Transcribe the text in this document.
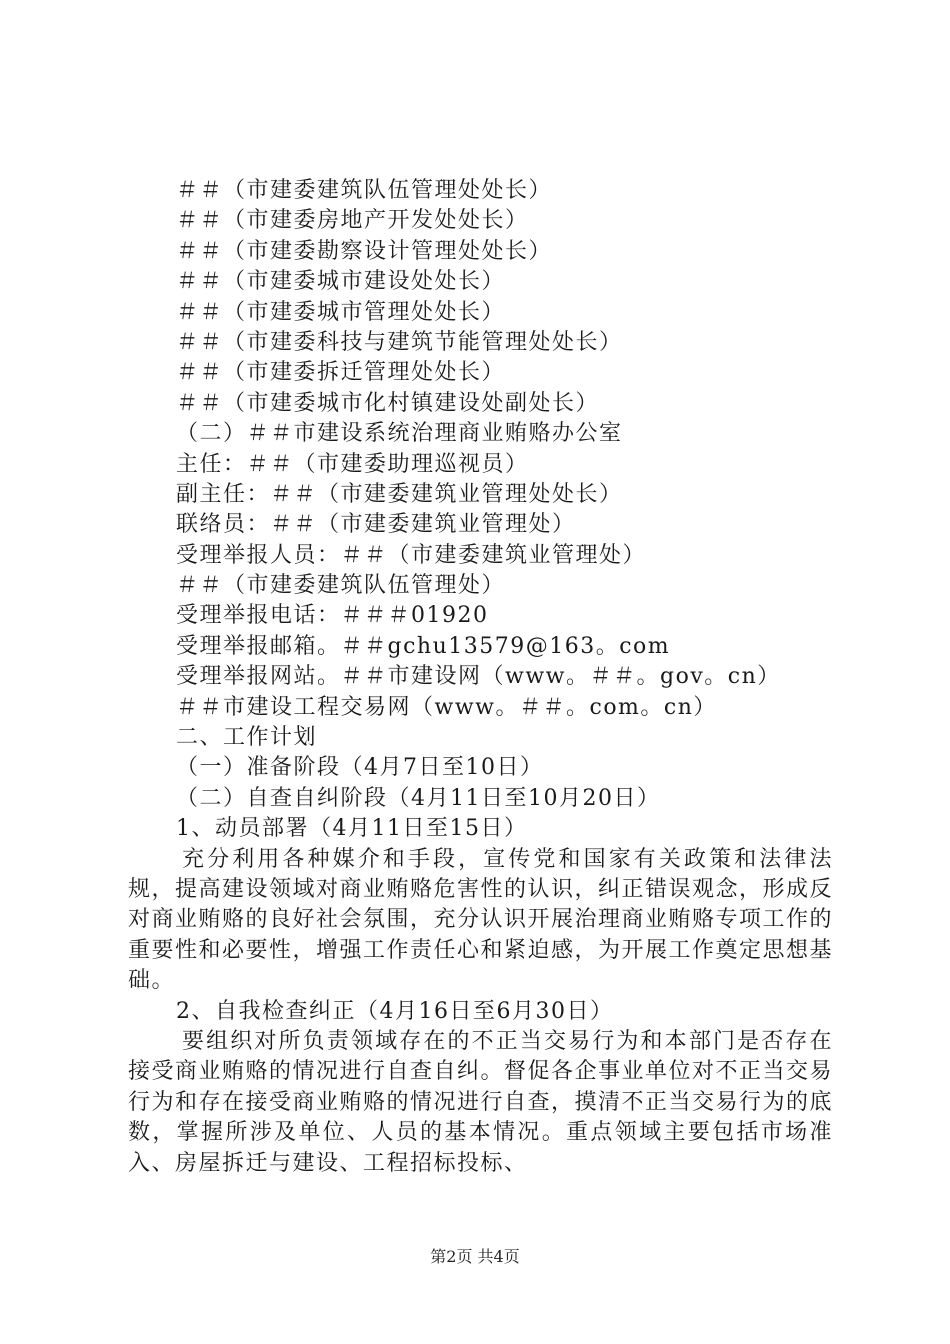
＃＃（市建委建筑队伍管理处处长）
＃＃（市建委房地产开发处处长）
＃＃（市建委勘察设计管理处处长）
＃＃（市建委城市建设处处长）
＃＃（市建委城市管理处处长）
＃＃（市建委科技与建筑节能管理处处长）
＃＃（市建委拆迁管理处处长）
＃＃（市建委城市化村镇建设处副处长）
（二）＃＃市建设系统治理商业贿赂办公室
主任：＃＃（市建委助理巡视员）
副主任：＃＃（市建委建筑业管理处处长）
联络员：＃＃（市建委建筑业管理处）
受理举报人员：＃＃（市建委建筑业管理处）
＃＃（市建委建筑队伍管理处）
受理举报电话：＃＃＃01920
受理举报邮箱。＃＃gchu13579@163。com
受理举报网站。＃＃市建设网（www。＃＃。gov。cn）
＃＃市建设工程交易网（www。＃＃。com。cn）
二、工作计划
（一）准备阶段（4月7日至10日）
（二）自查自纠阶段（4月11日至10月20日）
1、动员部署（4月11日至15日）

充分利用各种媒介和手段，宣传党和国家有关政策和法律法规，提高建设领域对商业贿赂危害性的认识，纠正错误观念，形成反对商业贿赂的良好社会氛围，充分认识开展治理商业贿赂专项工作的重要性和必要性，增强工作责任心和紧迫感，为开展工作奠定思想基础。

2、自我检查纠正（4月16日至6月30日）

要组织对所负责领域存在的不正当交易行为和本部门是否存在接受商业贿赂的情况进行自查自纠。督促各企事业单位对不正当交易行为和存在接受商业贿赂的情况进行自查，摸清不正当交易行为的底数，掌握所涉及单位、人员的基本情况。重点领域主要包括市场准入、房屋拆迁与建设、工程招标投标、

第2页 共4页
